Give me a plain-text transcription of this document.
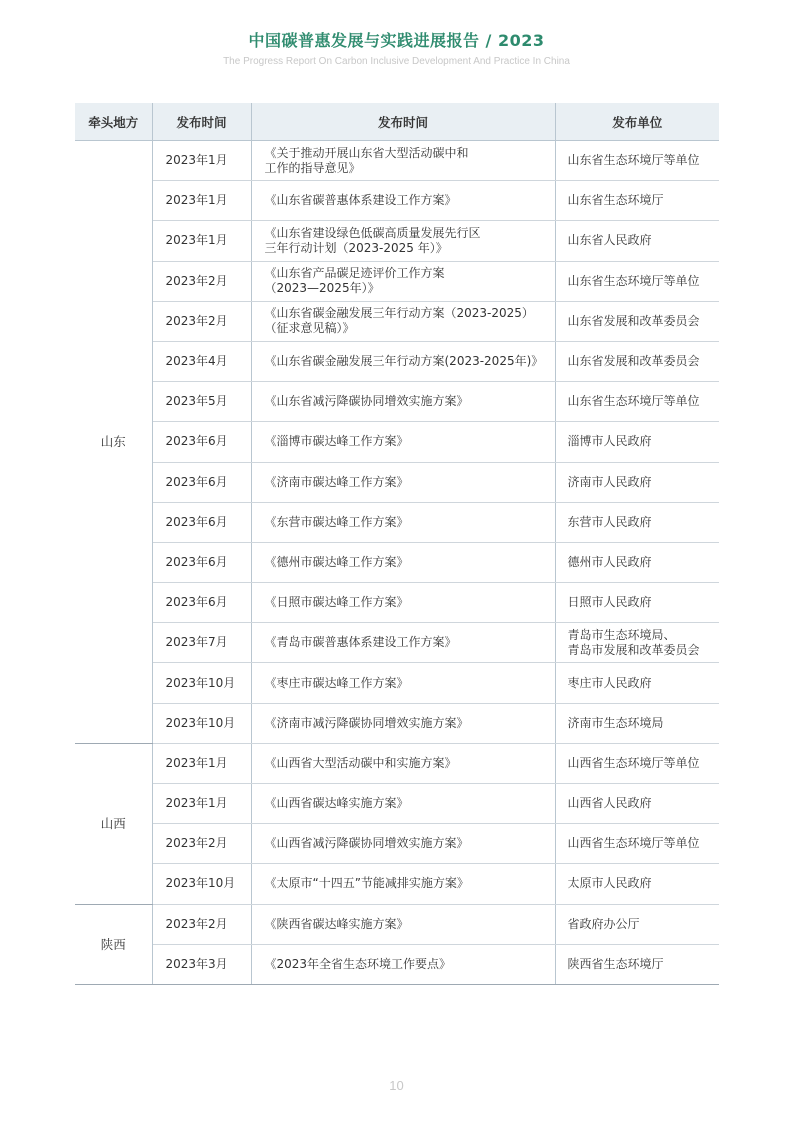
中国碳普惠发展与实践进展报告 / 2023
The Progress Report On Carbon Inclusive Development And Practice In China
牵头地方	发布时间	发布时间	发布单位
山东	2023年1月	《关于推动开展山东省大型活动碳中和
工作的指导意见》	山东省生态环境厅等单位

	2023年1月	《山东省碳普惠体系建设工作方案》	山东省生态环境厅

	2023年1月	《山东省建设绿色低碳高质量发展先行区
三年行动计划（2023-2025 年）》	山东省人民政府

	2023年2月	《山东省产品碳足迹评价工作方案
（2023—2025年）》	山东省生态环境厅等单位

	2023年2月	《山东省碳金融发展三年行动方案（2023-2025）
（征求意见稿）》	山东省发展和改革委员会

	2023年4月	《山东省碳金融发展三年行动方案(2023-2025年)》	山东省发展和改革委员会

	2023年5月	《山东省减污降碳协同增效实施方案》	山东省生态环境厅等单位

	2023年6月	《淄博市碳达峰工作方案》	淄博市人民政府

	2023年6月	《济南市碳达峰工作方案》	济南市人民政府

	2023年6月	《东营市碳达峰工作方案》	东营市人民政府

	2023年6月	《德州市碳达峰工作方案》	德州市人民政府

	2023年6月	《日照市碳达峰工作方案》	日照市人民政府

	2023年7月	《青岛市碳普惠体系建设工作方案》	青岛市生态环境局、
青岛市发展和改革委员会

	2023年10月	《枣庄市碳达峰工作方案》	枣庄市人民政府

	2023年10月	《济南市减污降碳协同增效实施方案》	济南市生态环境局

山西	2023年1月	《山西省大型活动碳中和实施方案》	山西省生态环境厅等单位

	2023年1月	《山西省碳达峰实施方案》	山西省人民政府

	2023年2月	《山西省减污降碳协同增效实施方案》	山西省生态环境厅等单位

	2023年10月	《太原市“十四五”节能减排实施方案》	太原市人民政府

陕西	2023年2月	《陕西省碳达峰实施方案》	省政府办公厅

	2023年3月	《2023年全省生态环境工作要点》	陕西省生态环境厅
10
